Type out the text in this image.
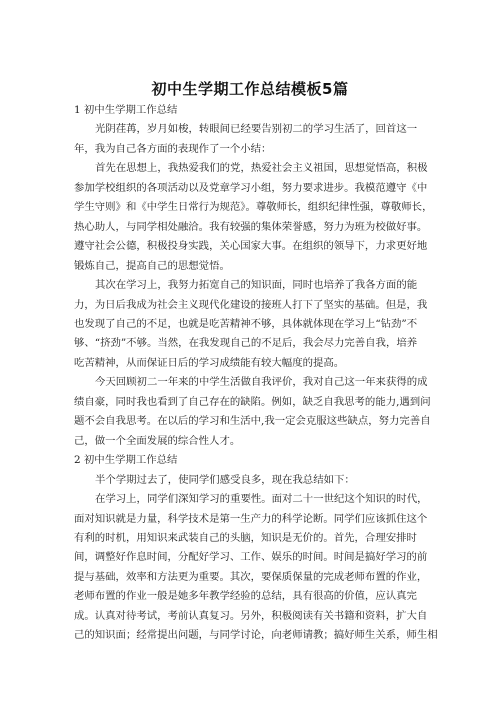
初中生学期工作总结模板5篇
1 初中生学期工作总结
光阴荏苒，岁月如梭，转眼间已经要告别初二的学习生活了，回首这一
年，我为自己各方面的表现作了一个小结：
首先在思想上，我热爱我们的党，热爱社会主义祖国，思想觉悟高，积极
参加学校组织的各项活动以及党章学习小组，努力要求进步。我模范遵守《中
学生守则》和《中学生日常行为规范》。尊敬师长，组织纪律性强，尊敬师长，
热心助人，与同学相处融洽。我有较强的集体荣誉感，努力为班为校做好事。
遵守社会公德，积极投身实践，关心国家大事。在组织的领导下，力求更好地
锻炼自己，提高自己的思想觉悟。
其次在学习上，我努力拓宽自己的知识面，同时也培养了我各方面的能
力，为日后我成为社会主义现代化建设的接班人打下了坚实的基础。但是，我
也发现了自己的不足，也就是吃苦精神不够，具体就体现在学习上“钻劲”不
够、“挤劲”不够。当然，在我发现自己的不足后，我会尽力完善自我，培养
吃苦精神，从而保证日后的学习成绩能有较大幅度的提高。
今天回顾初二一年来的中学生活做自我评价，我对自己这一年来获得的成
绩自豪，同时我也看到了自己存在的缺陷。例如，缺乏自我思考的能力,遇到问
题不会自我思考。在以后的学习和生活中,我一定会克服这些缺点，努力完善自
己，做一个全面发展的综合性人才。
2 初中生学期工作总结
半个学期过去了，使同学们感受良多，现在我总结如下：
在学习上，同学们深知学习的重要性。面对二十一世纪这个知识的时代，
面对知识就是力量，科学技术是第一生产力的科学论断。同学们应该抓住这个
有利的时机，用知识来武装自己的头脑，知识是无价的。首先，合理安排时
间，调整好作息时间，分配好学习、工作、娱乐的时间。时间是搞好学习的前
提与基础，效率和方法更为重要。其次，要保质保量的完成老师布置的作业，
老师布置的作业一般是她多年教学经验的总结，具有很高的价值，应认真完
成。认真对待考试，考前认真复习。另外，积极阅读有关书籍和资料，扩大自
己的知识面；经常提出问题，与同学讨论，向老师请教；搞好师生关系，师生相
